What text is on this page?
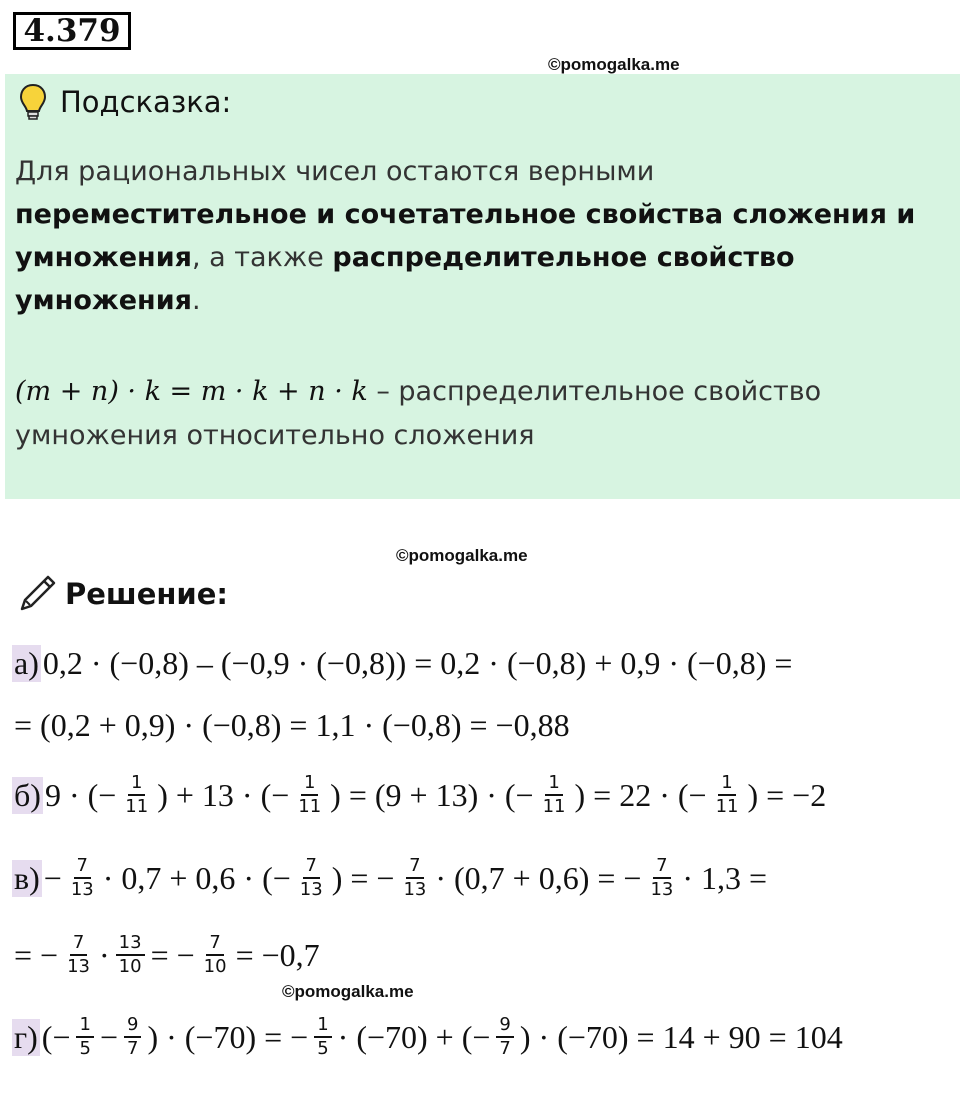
4.379
©pomogalka.me
Подсказка:
Для рациональных чисел остаются верными
переместительное и сочетательное свойства сложения и умножения, а также распределительное свойство умножения.
(m + n) · k = m · k + n · k – распределительное свойство умножения относительно сложения
©pomogalka.me
Решение:
а) 0,2 · (−0,8) – (−0,9 · (−0,8)) = 0,2 · (−0,8) + 0,9 · (−0,8) =
= (0,2 + 0,9) · (−0,8) = 1,1 · (−0,8) = −0,88
б) 9 · (− $\frac{1}{11}$ ) + 13 · (− $\frac{1}{11}$ ) = (9 + 13) · (− $\frac{1}{11}$ ) = 22 · (− $\frac{1}{11}$ ) = −2
$в) - \frac{7}{13} \cdot 0,7 + 0,6$ · (− $\frac{7}{13}$ ) = − $\frac{7}{13} \cdot (0,7 + 0,6)$ = − $\frac{7}{13} \cdot 1,3$ =
= − $\frac{7}{13} \cdot \frac{13}{10}$ = − $\frac{7}{10} = -0,7$
©pomogalka.me
г) (− $\frac{1}{5} - \frac{9}{7}$ ) · (−70) = − $\frac{1}{5} \cdot (-70)$ + (− $\frac{9}{7}$ ) · (−70) = 14 + 90 = 104
